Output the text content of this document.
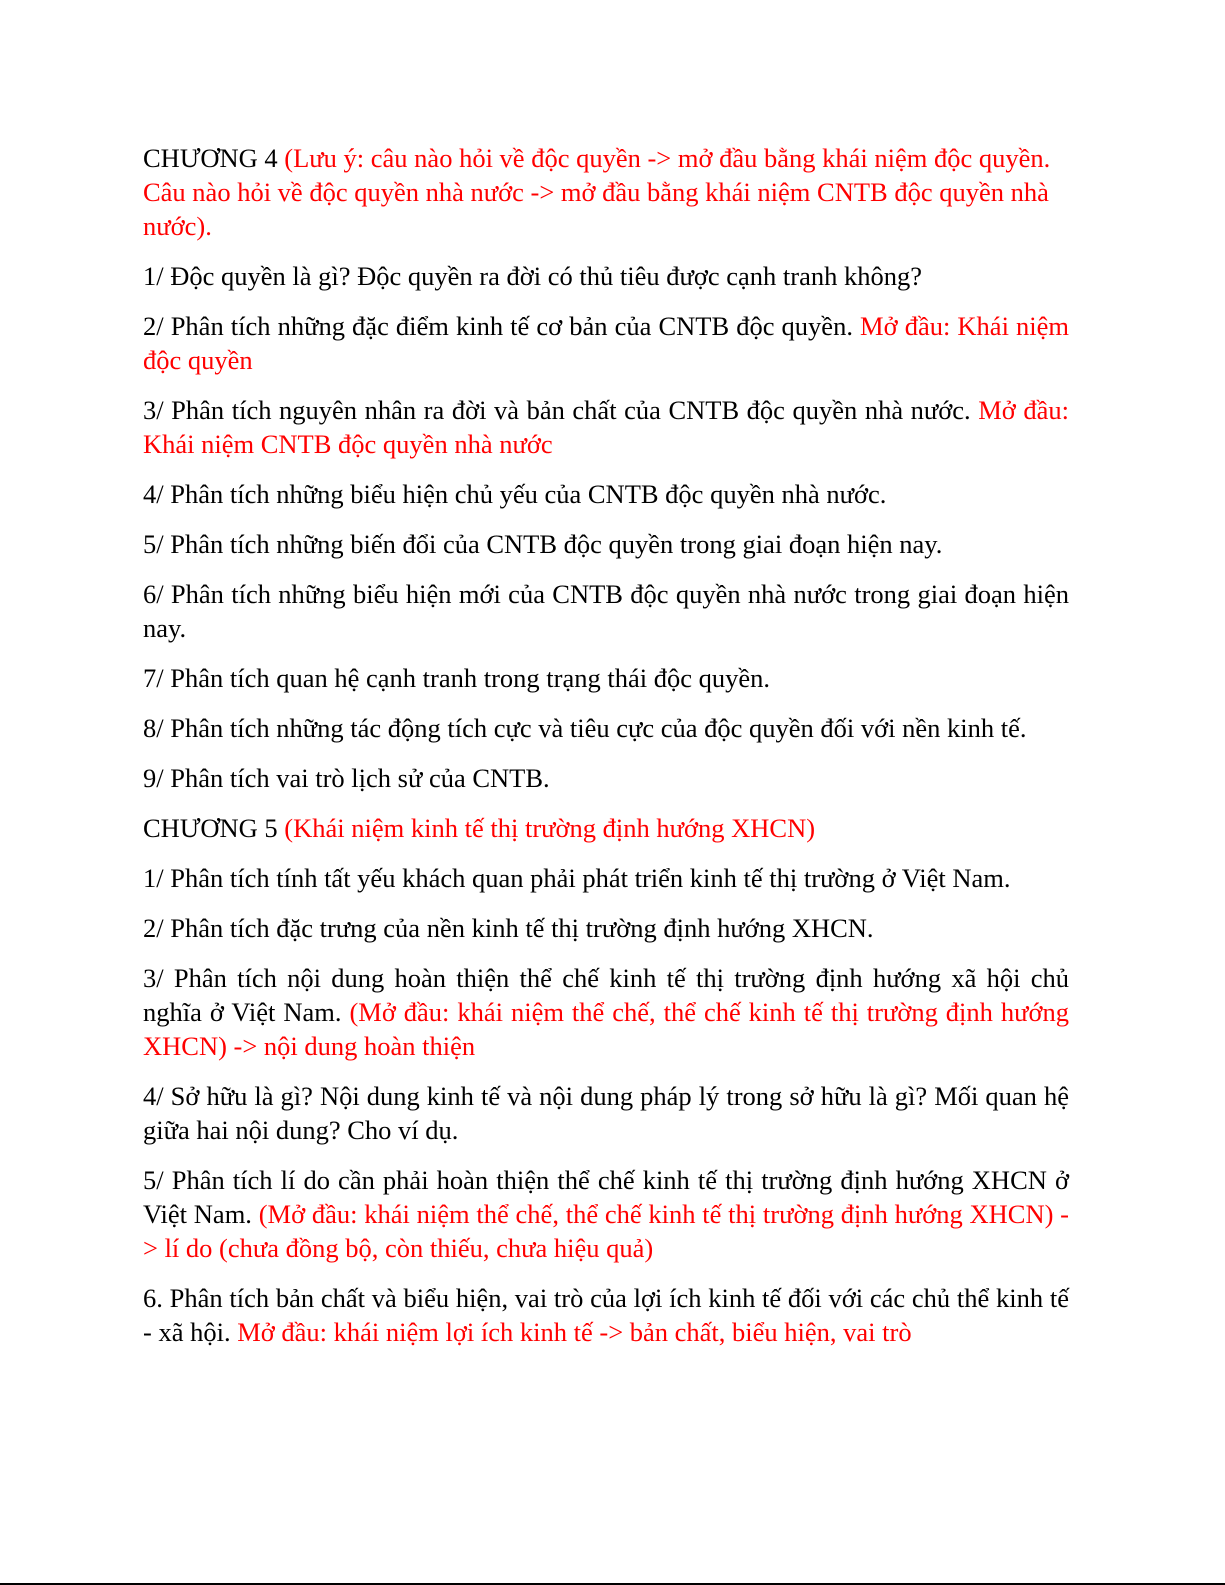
CHƯƠNG 4 (Lưu ý: câu nào hỏi về độc quyền -> mở đầu bằng khái niệm độc quyền. Câu nào hỏi về độc quyền nhà nước -> mở đầu bằng khái niệm CNTB độc quyền nhà nước).

1/ Độc quyền là gì? Độc quyền ra đời có thủ tiêu được cạnh tranh không?

2/ Phân tích những đặc điểm kinh tế cơ bản của CNTB độc quyền. Mở đầu: Khái niệm độc quyền

3/ Phân tích nguyên nhân ra đời và bản chất của CNTB độc quyền nhà nước. Mở đầu: Khái niệm CNTB độc quyền nhà nước

4/ Phân tích những biểu hiện chủ yếu của CNTB độc quyền nhà nước.

5/ Phân tích những biến đổi của CNTB độc quyền trong giai đoạn hiện nay.

6/ Phân tích những biểu hiện mới của CNTB độc quyền nhà nước trong giai đoạn hiện nay.

7/ Phân tích quan hệ cạnh tranh trong trạng thái độc quyền.

8/ Phân tích những tác động tích cực và tiêu cực của độc quyền đối với nền kinh tế.

9/ Phân tích vai trò lịch sử của CNTB.

CHƯƠNG 5 (Khái niệm kinh tế thị trường định hướng XHCN)

1/ Phân tích tính tất yếu khách quan phải phát triển kinh tế thị trường ở Việt Nam.

2/ Phân tích đặc trưng của nền kinh tế thị trường định hướng XHCN.

3/ Phân tích nội dung hoàn thiện thể chế kinh tế thị trường định hướng xã hội chủ nghĩa ở Việt Nam. (Mở đầu: khái niệm thể chế, thể chế kinh tế thị trường định hướng XHCN) -> nội dung hoàn thiện

4/ Sở hữu là gì? Nội dung kinh tế và nội dung pháp lý trong sở hữu là gì? Mối quan hệ giữa hai nội dung? Cho ví dụ.

5/ Phân tích lí do cần phải hoàn thiện thể chế kinh tế thị trường định hướng XHCN ở Việt Nam. (Mở đầu: khái niệm thể chế, thể chế kinh tế thị trường định hướng XHCN) -> lí do (chưa đồng bộ, còn thiếu, chưa hiệu quả)

6. Phân tích bản chất và biểu hiện, vai trò của lợi ích kinh tế đối với các chủ thể kinh tế - xã hội. Mở đầu: khái niệm lợi ích kinh tế -> bản chất, biểu hiện, vai trò
